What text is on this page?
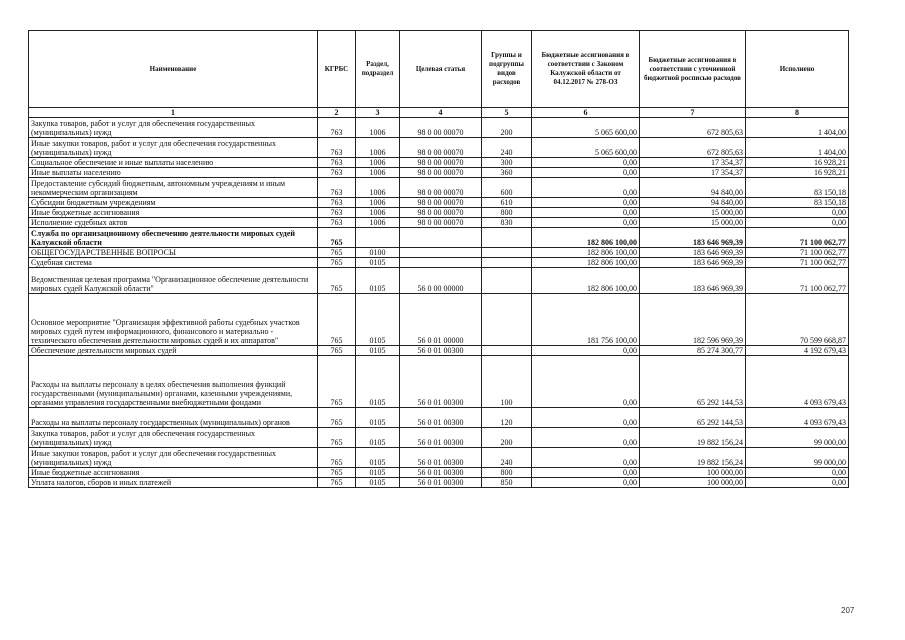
Наименование	КГРБС	Раздел, подраздел	Целевая статья	Группы и подгруппы видов расходов	Бюджетные ассигнования в соответствии с Законом Калужской области от 04.12.2017 № 278-ОЗ	Бюджетные ассигнования в соответствии с уточненной бюджетной росписью расходов	Исполнено
1	2	3	4	5	6	7	8
Закупка товаров, работ и услуг для обеспечения государственных (муниципальных) нужд	763	1006	98 0 00 00070	200	5 065 600,00	672 805,63	1 404,00
Иные закупки товаров, работ и услуг для обеспечения государственных (муниципальных) нужд	763	1006	98 0 00 00070	240	5 065 600,00	672 805,63	1 404,00
Социальное обеспечение и иные выплаты населению	763	1006	98 0 00 00070	300	0,00	17 354,37	16 928,21
Иные выплаты населению	763	1006	98 0 00 00070	360	0,00	17 354,37	16 928,21
Предоставление субсидий бюджетным, автономным учреждениям и иным некоммерческим организациям	763	1006	98 0 00 00070	600	0,00	94 840,00	83 150,18
Субсидии бюджетным учреждениям	763	1006	98 0 00 00070	610	0,00	94 840,00	83 150,18
Иные бюджетные ассигнования	763	1006	98 0 00 00070	800	0,00	15 000,00	0,00
Исполнение судебных актов	763	1006	98 0 00 00070	830	0,00	15 000,00	0,00
Служба по организационному обеспечению деятельности мировых судей Калужской области	765				182 806 100,00	183 646 969,39	71 100 062,77
ОБЩЕГОСУДАРСТВЕННЫЕ ВОПРОСЫ	765	0100			182 806 100,00	183 646 969,39	71 100 062,77
Судебная система	765	0105			182 806 100,00	183 646 969,39	71 100 062,77
Ведомственная целевая программа "Организационное обеспечение деятельности мировых судей Калужской области"	765	0105	56 0 00 00000		182 806 100,00	183 646 969,39	71 100 062,77
Основное мероприятие "Организация эффективной работы судебных участков мировых судей путем информационного, финансового и материально - технического обеспечения деятельности мировых судей и их аппаратов"	765	0105	56 0 01 00000		181 756 100,00	182 596 969,39	70 599 668,87
Обеспечение деятельности мировых судей	765	0105	56 0 01 00300		0,00	85 274 300,77	4 192 679,43
Расходы на выплаты персоналу в целях обеспечения выполнения функций государственными (муниципальными) органами, казенными учреждениями, органами управления государственными внебюджетными фондами	765	0105	56 0 01 00300	100	0,00	65 292 144,53	4 093 679,43
Расходы на выплаты персоналу государственных (муниципальных) органов	765	0105	56 0 01 00300	120	0,00	65 292 144,53	4 093 679,43
Закупка товаров, работ и услуг для обеспечения государственных (муниципальных) нужд	765	0105	56 0 01 00300	200	0,00	19 882 156,24	99 000,00
Иные закупки товаров, работ и услуг для обеспечения государственных (муниципальных) нужд	765	0105	56 0 01 00300	240	0,00	19 882 156,24	99 000,00
Иные бюджетные ассигнования	765	0105	56 0 01 00300	800	0,00	100 000,00	0,00
Уплата налогов, сборов и иных платежей	765	0105	56 0 01 00300	850	0,00	100 000,00	0,00
207
